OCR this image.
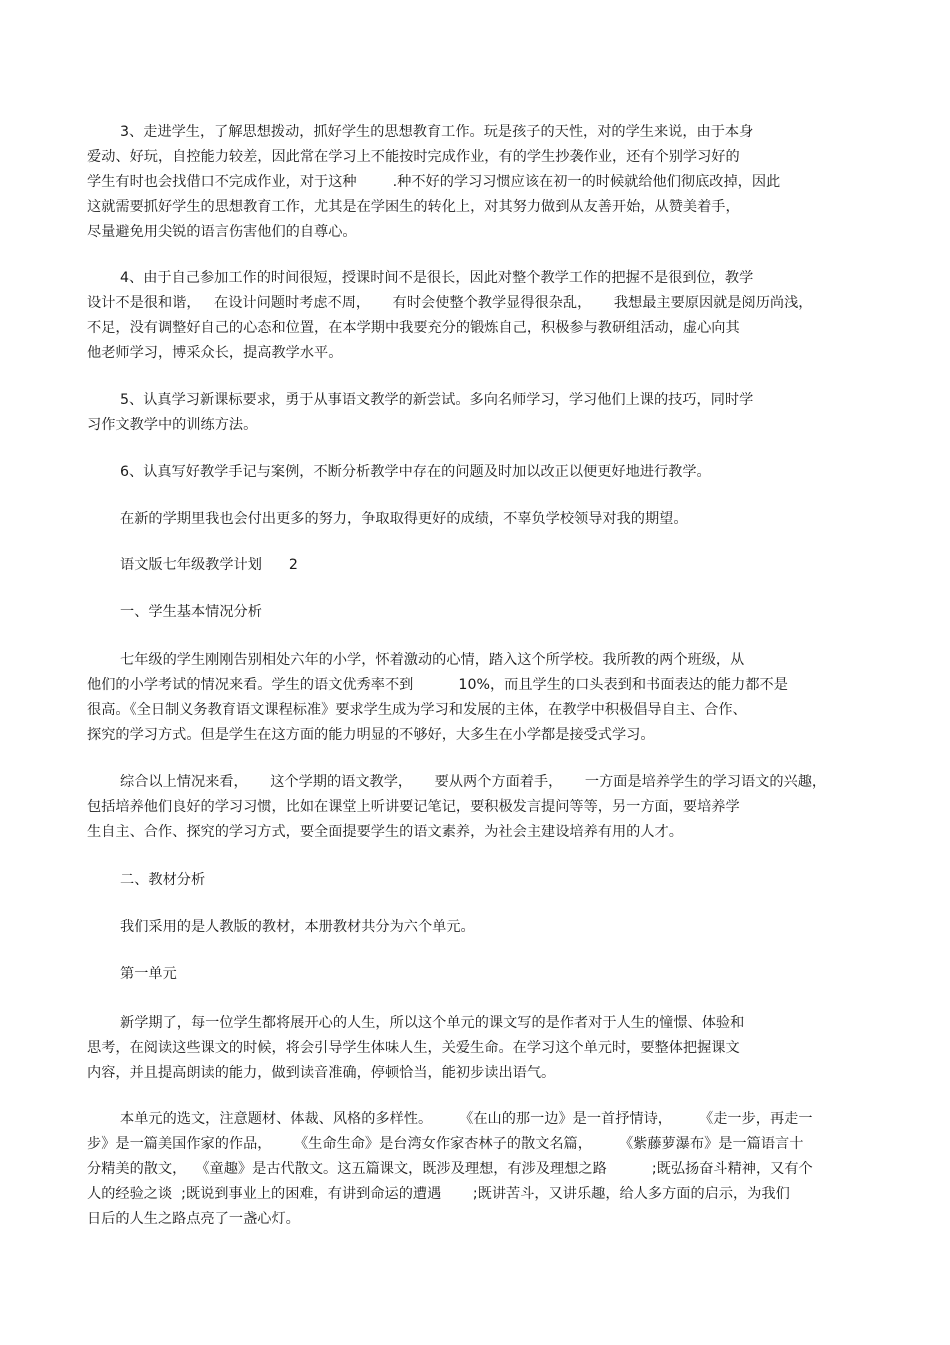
3、走进学生，了解思想拨动，抓好学生的思想教育工作。玩是孩子的天性，对的学生来说，由于本身
爱动、好玩，自控能力较差，因此常在学习上不能按时完成作业，有的学生抄袭作业，还有个别学习好的
学生有时也会找借口不完成作业，对于这种        .种不好的学习习惯应该在初一的时候就给他们彻底改掉，因此
这就需要抓好学生的思想教育工作，尤其是在学困生的转化上，对其努力做到从友善开始，从赞美着手，
尽量避免用尖锐的语言伤害他们的自尊心。
4、由于自己参加工作的时间很短，授课时间不是很长，因此对整个教学工作的把握不是很到位，教学
设计不是很和谐，   在设计问题时考虑不周，     有时会使整个教学显得很杂乱，     我想最主要原因就是阅历尚浅，
不足，没有调整好自己的心态和位置，在本学期中我要充分的锻炼自己，积极参与教研组活动，虚心向其
他老师学习，博采众长，提高教学水平。
5、认真学习新课标要求，勇于从事语文教学的新尝试。多向名师学习，学习他们上课的技巧，同时学
习作文教学中的训练方法。
6、认真写好教学手记与案例，不断分析教学中存在的问题及时加以改正以便更好地进行教学。
在新的学期里我也会付出更多的努力，争取取得更好的成绩，不辜负学校领导对我的期望。
语文版七年级教学计划      2
一、学生基本情况分析
七年级的学生刚刚告别相处六年的小学，怀着激动的心情，踏入这个所学校。我所教的两个班级，从
他们的小学考试的情况来看。学生的语文优秀率不到          10%，而且学生的口头表到和书面表达的能力都不是
很高。《全日制义务教育语文课程标准》要求学生成为学习和发展的主体，在教学中积极倡导自主、合作、
探究的学习方式。但是学生在这方面的能力明显的不够好，大多生在小学都是接受式学习。
综合以上情况来看，     这个学期的语文教学，     要从两个方面着手，     一方面是培养学生的学习语文的兴趣，
包括培养他们良好的学习习惯，比如在课堂上听讲要记笔记，要积极发言提问等等，另一方面，要培养学
生自主、合作、探究的学习方式，要全面提要学生的语文素养，为社会主建设培养有用的人才。
二、教材分析
我们采用的是人教版的教材，本册教材共分为六个单元。
第一单元
新学期了，每一位学生都将展开心的人生，所以这个单元的课文写的是作者对于人生的憧憬、体验和
思考，在阅读这些课文的时候，将会引导学生体味人生，关爱生命。在学习这个单元时，要整体把握课文
内容，并且提高朗读的能力，做到读音准确，停顿恰当，能初步读出语气。
本单元的选文，注意题材、体裁、风格的多样性。      《在山的那一边》是一首抒情诗，      《走一步，再走一
步》是一篇美国作家的作品，     《生命生命》是台湾女作家杏林子的散文名篇，      《紫藤萝瀑布》是一篇语言十
分精美的散文，  《童趣》是古代散文。这五篇课文，既涉及理想，有涉及理想之路          ;既弘扬奋斗精神，又有个
人的经验之谈  ;既说到事业上的困难，有讲到命运的遭遇       ;既讲苦斗，又讲乐趣，给人多方面的启示，为我们
日后的人生之路点亮了一盏心灯。
